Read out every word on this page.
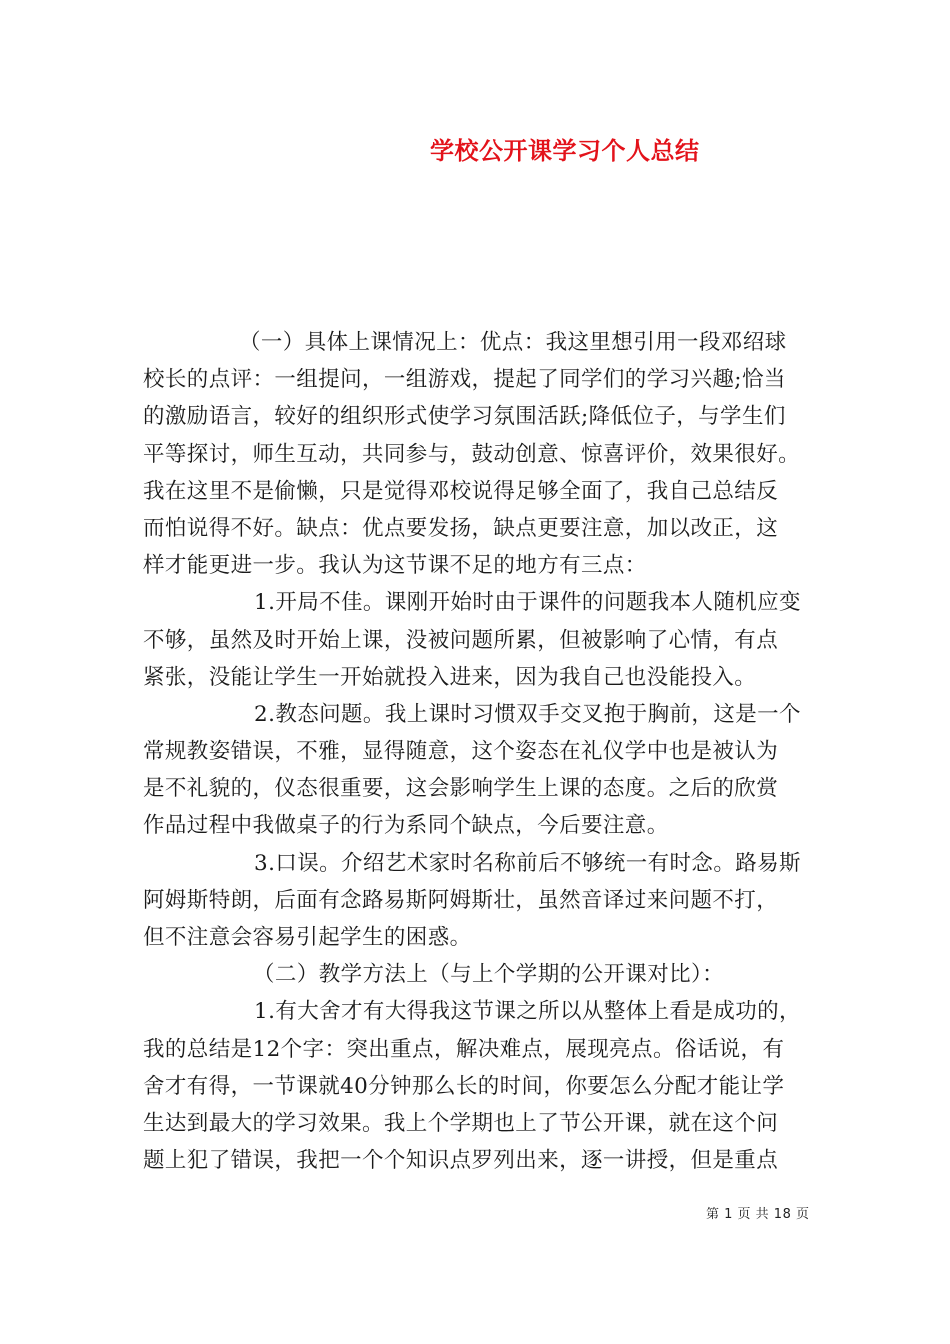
学校公开课学习个人总结
（一）具体上课情况上：优点：我这里想引用一段邓绍球
校长的点评：一组提问，一组游戏，提起了同学们的学习兴趣;恰当
的激励语言，较好的组织形式使学习氛围活跃;降低位子，与学生们
平等探讨，师生互动，共同参与，鼓动创意、惊喜评价，效果很好。
我在这里不是偷懒，只是觉得邓校说得足够全面了，我自己总结反
而怕说得不好。缺点：优点要发扬，缺点更要注意，加以改正，这
样才能更进一步。我认为这节课不足的地方有三点：
1.开局不佳。课刚开始时由于课件的问题我本人随机应变
不够，虽然及时开始上课，没被问题所累，但被影响了心情，有点
紧张，没能让学生一开始就投入进来，因为我自己也没能投入。
2.教态问题。我上课时习惯双手交叉抱于胸前，这是一个
常规教姿错误，不雅，显得随意，这个姿态在礼仪学中也是被认为
是不礼貌的，仪态很重要，这会影响学生上课的态度。之后的欣赏
作品过程中我做桌子的行为系同个缺点，今后要注意。
3.口误。介绍艺术家时名称前后不够统一有时念。路易斯
阿姆斯特朗，后面有念路易斯阿姆斯壮，虽然音译过来问题不打，
但不注意会容易引起学生的困惑。
（二）教学方法上（与上个学期的公开课对比）：
1.有大舍才有大得我这节课之所以从整体上看是成功的，
我的总结是12个字：突出重点，解决难点，展现亮点。俗话说，有
舍才有得，一节课就40分钟那么长的时间，你要怎么分配才能让学
生达到最大的学习效果。我上个学期也上了节公开课，就在这个问
题上犯了错误，我把一个个知识点罗列出来，逐一讲授，但是重点
第 1 页 共 18 页
